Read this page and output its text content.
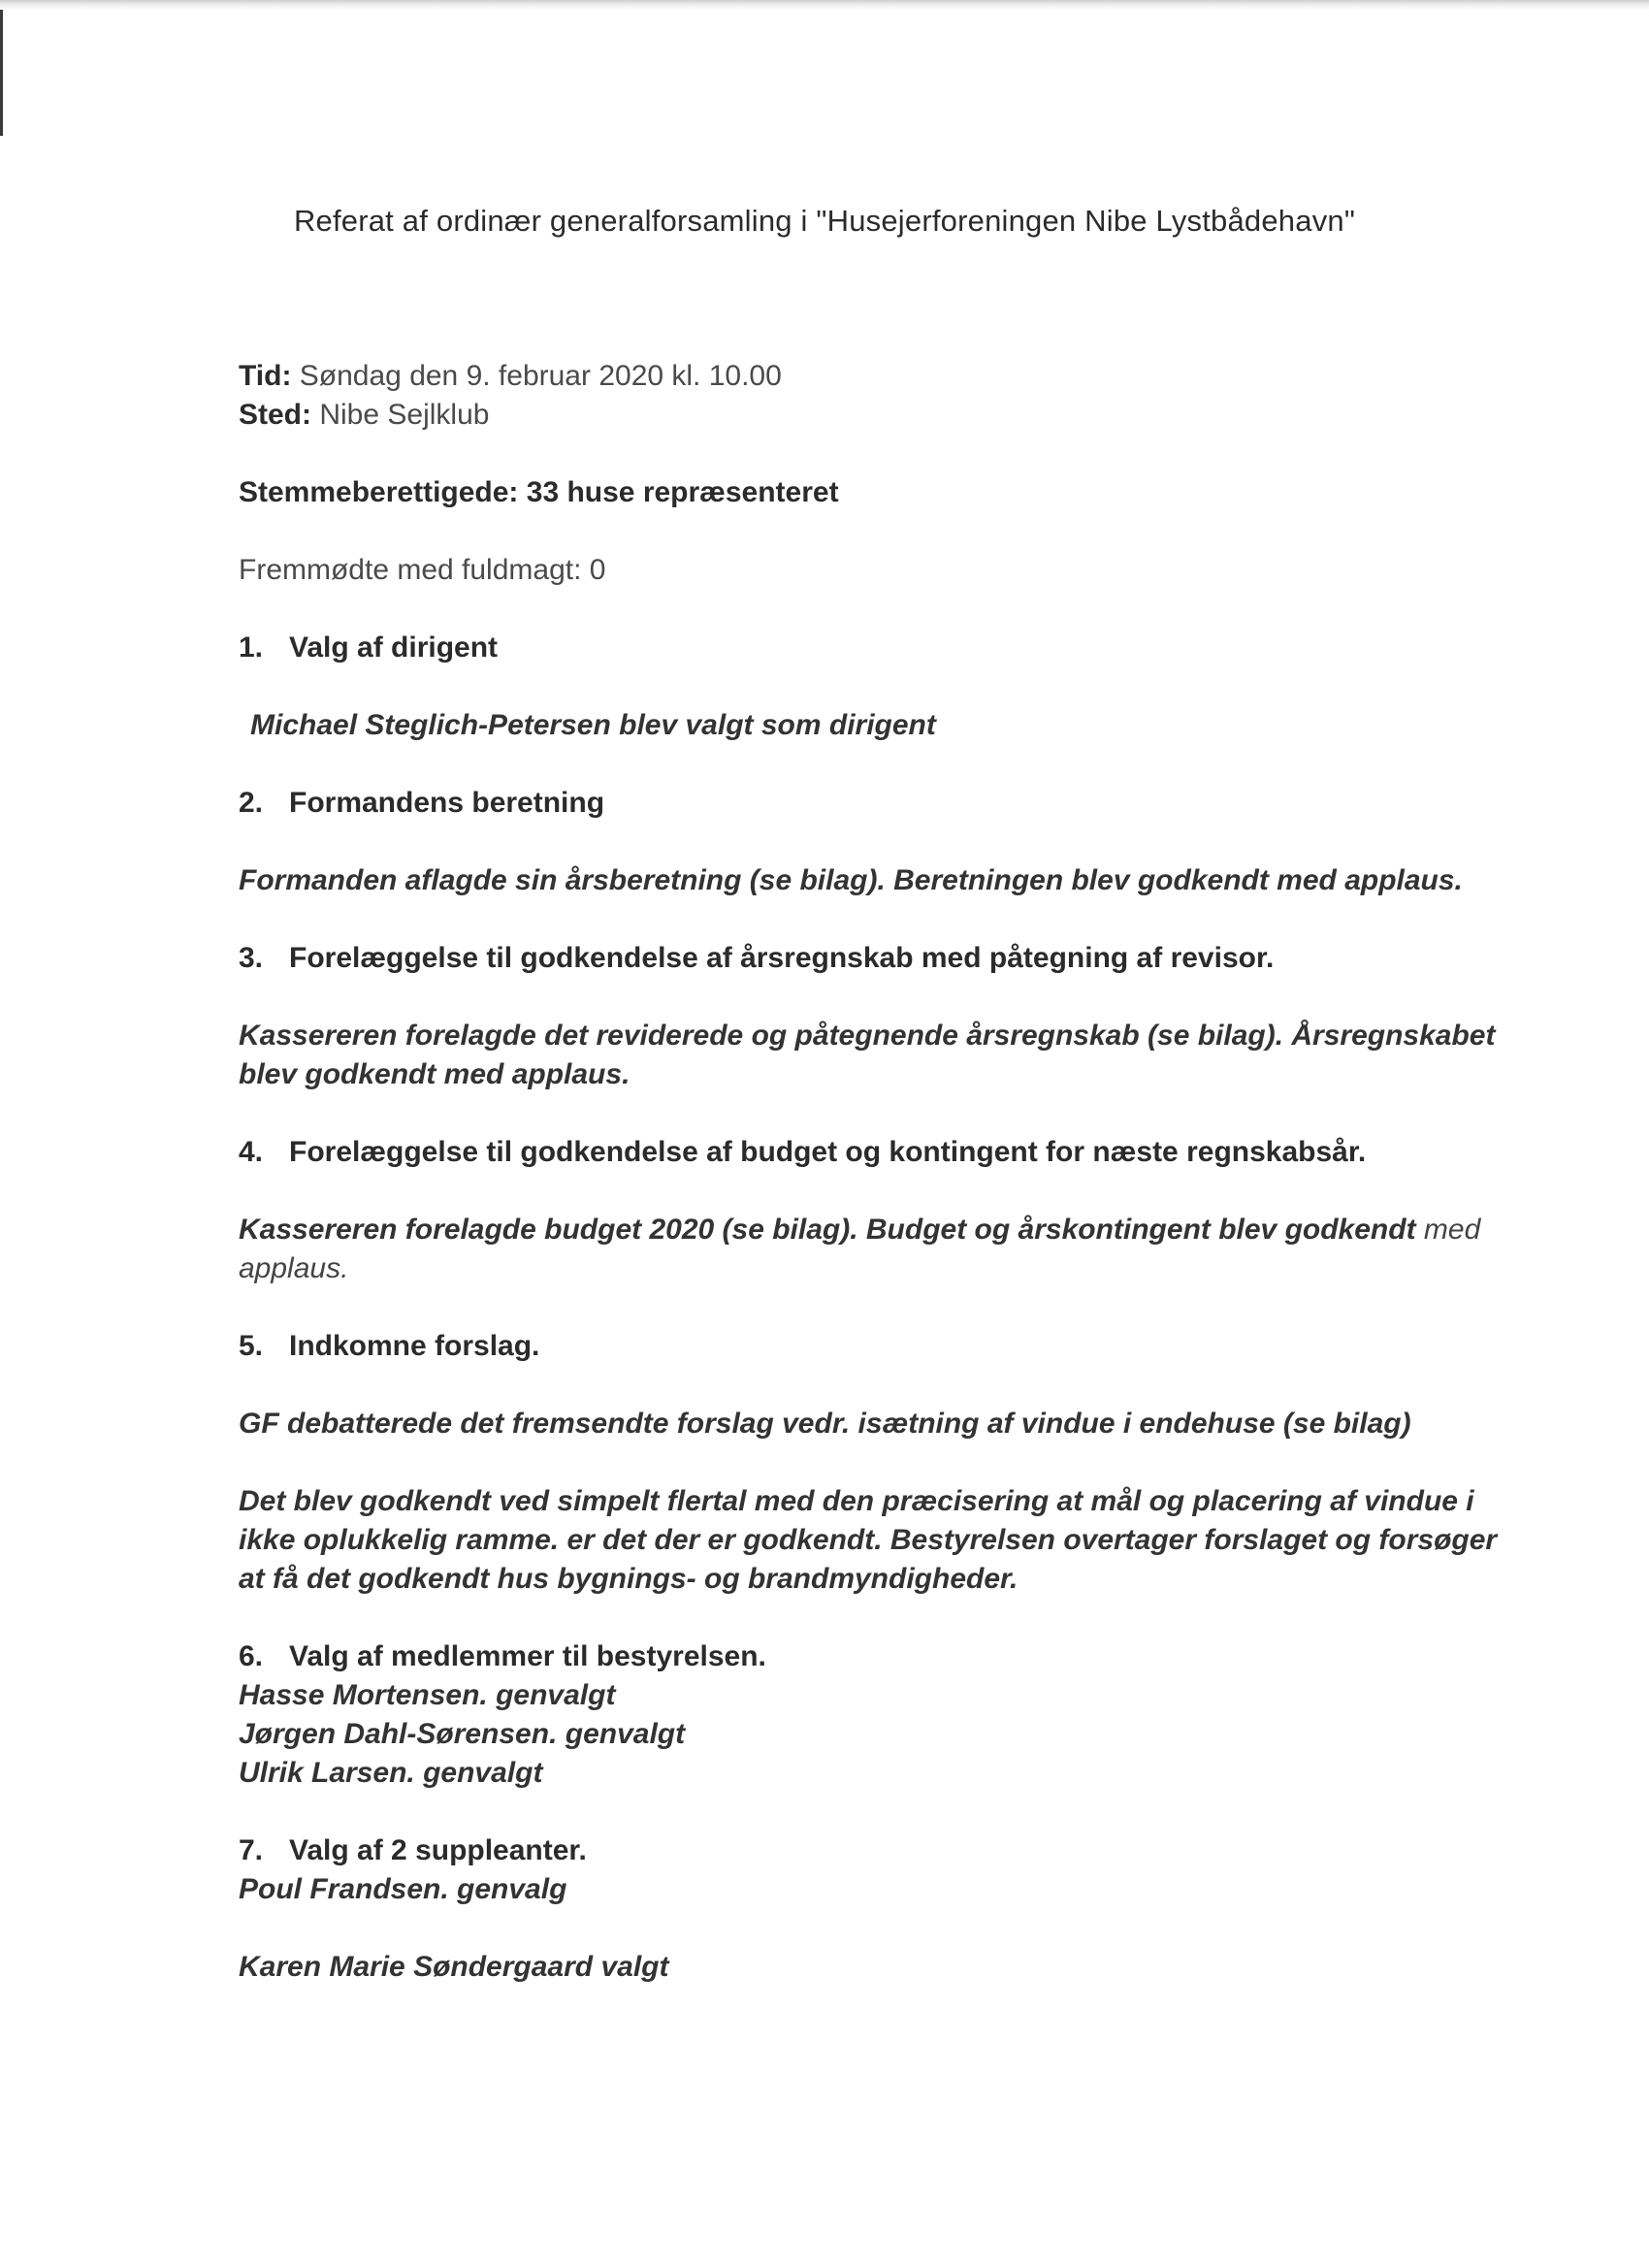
Referat af ordinær generalforsamling i "Husejerforeningen Nibe Lystbådehavn"
Tid: Søndag den 9. februar 2020 kl. 10.00
Sted: Nibe Sejlklub
Stemmeberettigede: 33 huse repræsenteret
Fremmødte med fuldmagt: 0
1. Valg af dirigent
Michael Steglich-Petersen blev valgt som dirigent
2. Formandens beretning
Formanden aflagde sin årsberetning (se bilag). Beretningen blev godkendt med applaus.
3. Forelæggelse til godkendelse af årsregnskab med påtegning af revisor.
Kassereren forelagde det reviderede og påtegnende årsregnskab (se bilag). Årsregnskabet
blev godkendt med applaus.
4. Forelæggelse til godkendelse af budget og kontingent for næste regnskabsår.
Kassereren forelagde budget 2020 (se bilag). Budget og årskontingent blev godkendt med
applaus.
5. Indkomne forslag.
GF debatterede det fremsendte forslag vedr. isætning af vindue i endehuse (se bilag)
Det blev godkendt ved simpelt flertal med den præcisering at mål og placering af vindue i
ikke oplukkelig ramme. er det der er godkendt. Bestyrelsen overtager forslaget og forsøger
at få det godkendt hus bygnings- og brandmyndigheder.
6. Valg af medlemmer til bestyrelsen.
Hasse Mortensen. genvalgt
Jørgen Dahl-Sørensen. genvalgt
Ulrik Larsen. genvalgt
7. Valg af 2 suppleanter.
Poul Frandsen. genvalg
Karen Marie Søndergaard valgt
